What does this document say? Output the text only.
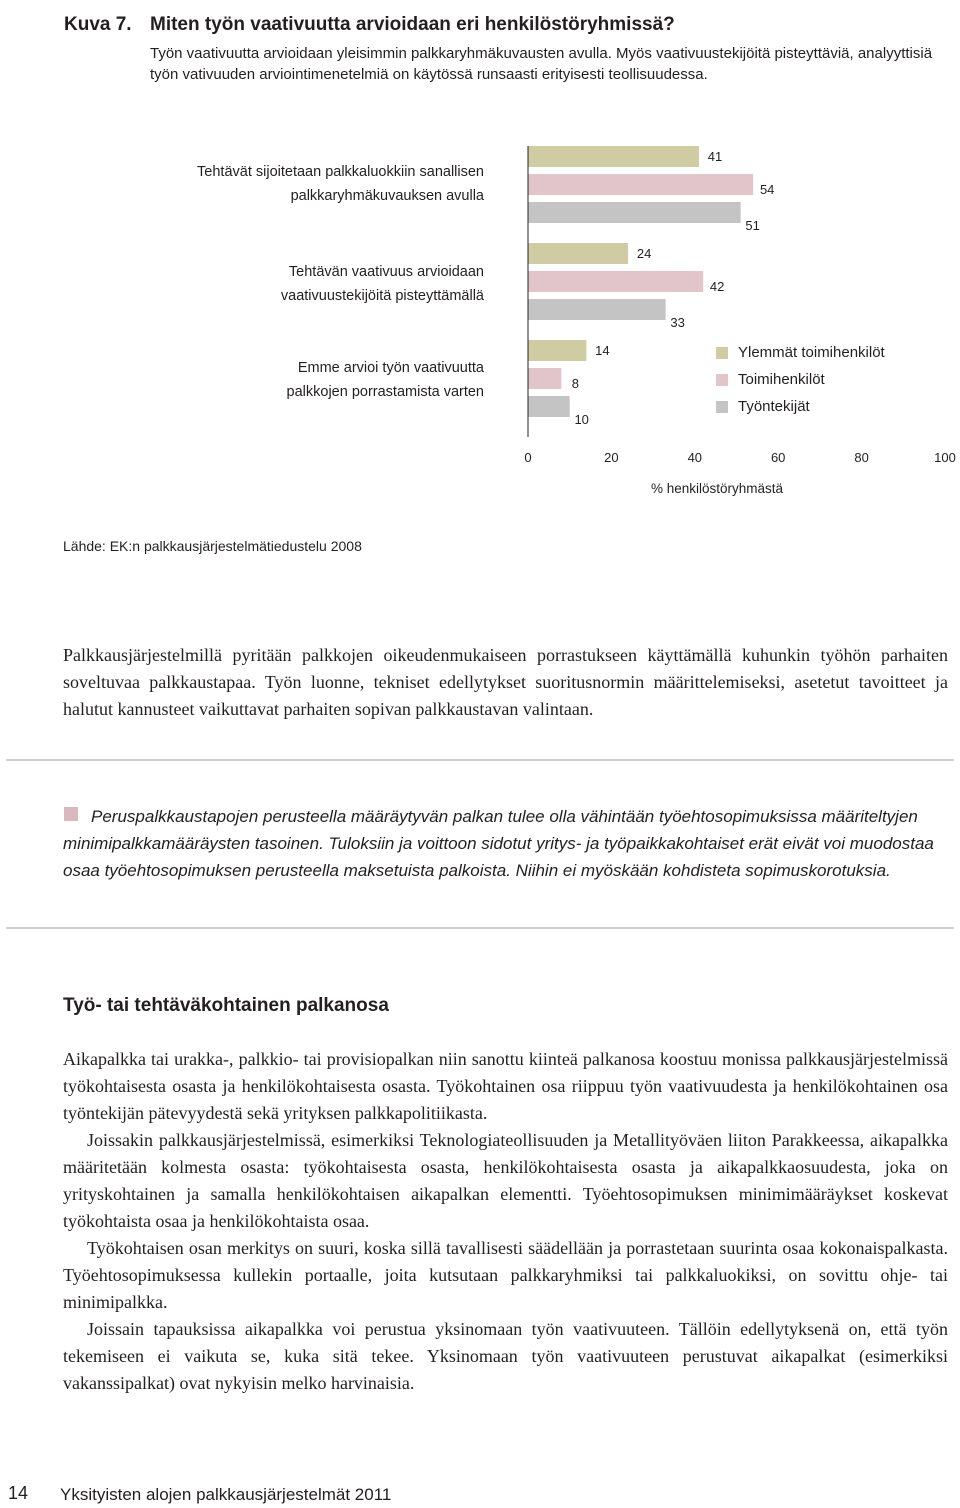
Kuva 7. Miten työn vaativuutta arvioidaan eri henkilöstöryhmissä?
Työn vaativuutta arvioidaan yleisimmin palkkaryhmäkuvausten avulla. Myös vaativuustekijöitä pisteyttäviä, analyyttisiä työn vativuuden arviointimenetelmiä on käytössä runsaasti erityisesti teollisuudessa.
Tehtävät sijoitetaan palkkaluokkiin sanallisen
palkkaryhmäkuvauksen avulla
Tehtävän vaativuus arvioidaan
vaativuustekijöitä pisteyttämällä
Emme arvioi työn vaativuutta
palkkojen porrastamista varten
41
54
51
24
42
33
14
8
10
0	20	40	60	80	100
% henkilöstöryhmästä
Ylemmät toimihenkilöt
Toimihenkilöt
Työntekijät
Lähde: EK:n palkkausjärjestelmätiedustelu 2008
Palkkausjärjestelmillä pyritään palkkojen oikeudenmukaiseen porrastukseen käyttämällä kuhunkin työhön parhaiten soveltuvaa palkkaustapaa. Työn luonne, tekniset edellytykset suoritusnormin määrittelemiseksi, asetetut tavoitteet ja halutut kannusteet vaikuttavat parhaiten sopivan palkkaustavan valintaan.
Peruspalkkaustapojen perusteella määräytyvän palkan tulee olla vähintään työehtosopimuksissa määriteltyjen minimipalkkamääräysten tasoinen. Tuloksiin ja voittoon sidotut yritys- ja työpaikkakohtaiset erät eivät voi muodostaa osaa työehtosopimuksen perusteella maksetuista palkoista. Niihin ei myöskään kohdisteta sopimuskorotuksia.
Työ- tai tehtäväkohtainen palkanosa

Aikapalkka tai urakka-, palkkio- tai provisiopalkan niin sanottu kiinteä palkanosa koostuu monissa palkkausjärjestelmissä työkohtaisesta osasta ja henkilökohtaisesta osasta. Työkohtainen osa riippuu työn vaativuudesta ja henkilökohtainen osa työntekijän pätevyydestä sekä yrityksen palkkapolitiikasta.

Joissakin palkkausjärjestelmissä, esimerkiksi Teknologiateollisuuden ja Metallityöväen liiton Parakkeessa, aikapalkka määritetään kolmesta osasta: työkohtaisesta osasta, henkilökohtaisesta osasta ja aikapalkkaosuudesta, joka on yrityskohtainen ja samalla henkilökohtaisen aikapalkan elementti. Työehtosopimuksen minimimääräykset koskevat työkohtaista osaa ja henkilökohtaista osaa.

Työkohtaisen osan merkitys on suuri, koska sillä tavallisesti säädellään ja porrastetaan suurinta osaa kokonaispalkasta. Työehtosopimuksessa kullekin portaalle, joita kutsutaan palkkaryhmiksi tai palkkaluokiksi, on sovittu ohje- tai minimipalkka.

Joissain tapauksissa aikapalkka voi perustua yksinomaan työn vaativuuteen. Tällöin edellytyksenä on, että työn tekemiseen ei vaikuta se, kuka sitä tekee. Yksinomaan työn vaativuuteen perustuvat aikapalkat (esimerkiksi vakanssipalkat) ovat nykyisin melko harvinaisia.

14 Yksityisten alojen palkkausjärjestelmät 2011
